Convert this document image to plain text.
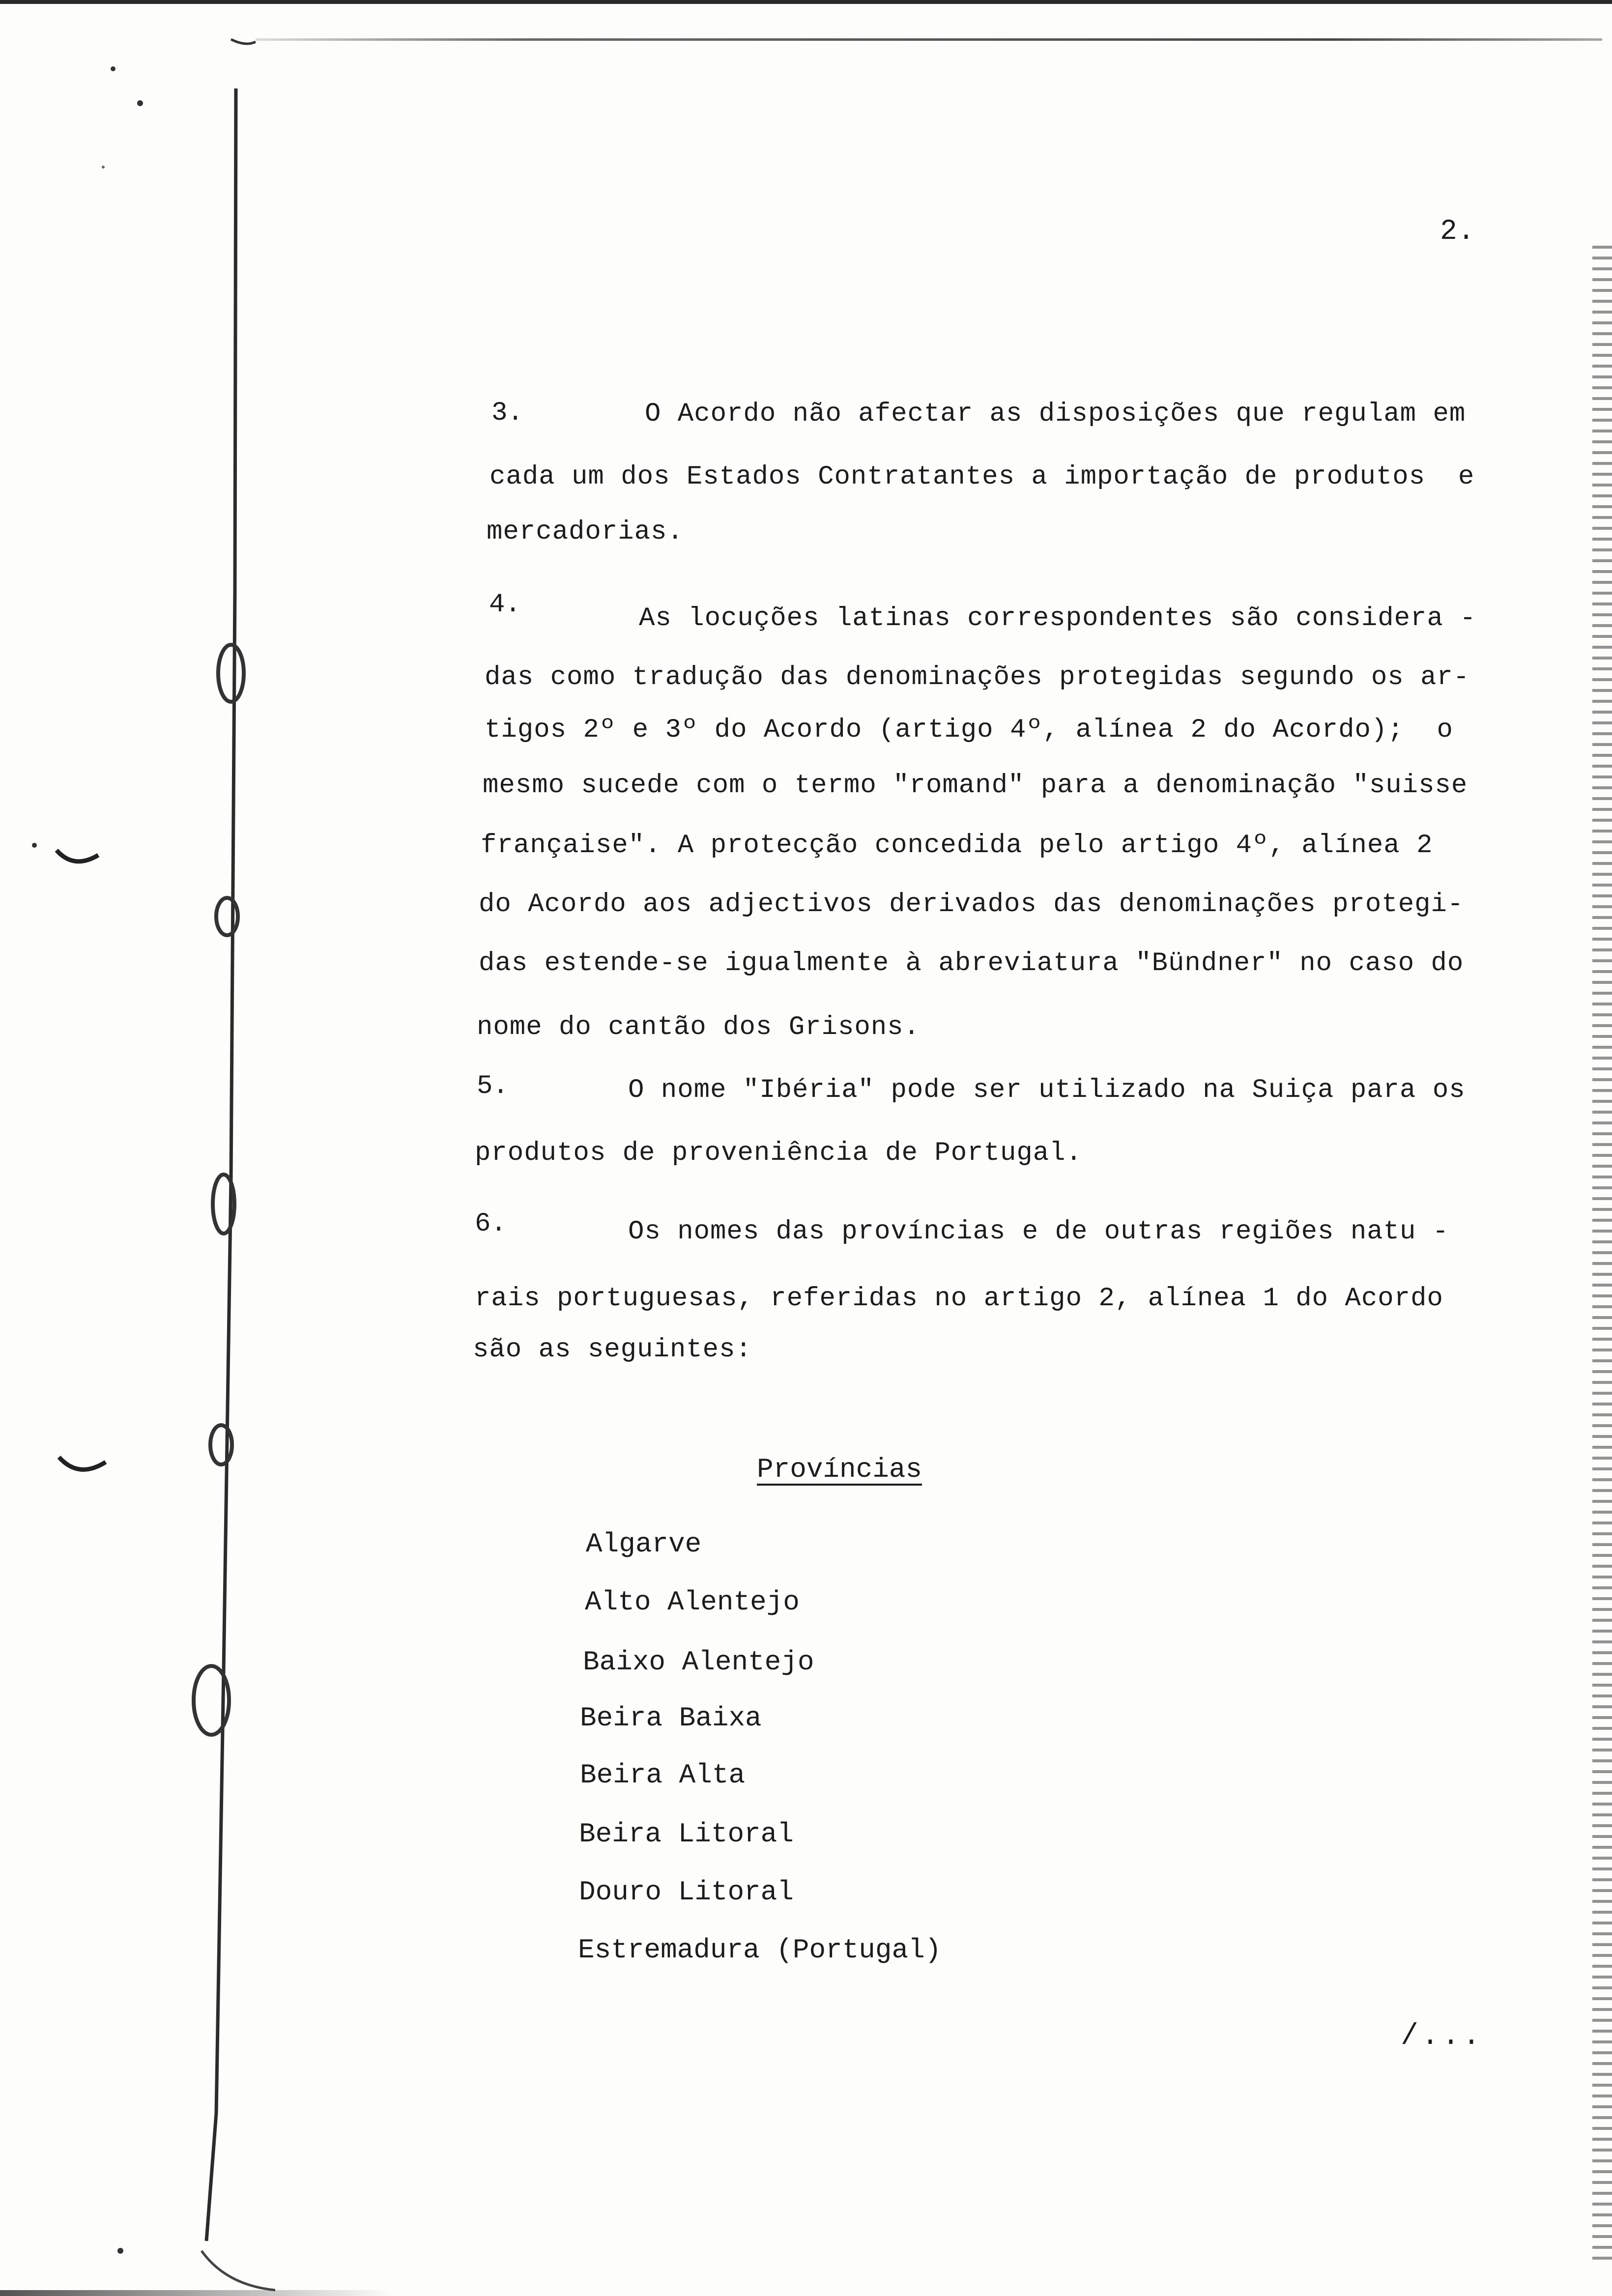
2.
3.	O Acordo não afectar as disposições que regulam em
cada um dos Estados Contratantes a importação de produtos  e
mercadorias.
4.	As locuções latinas correspondentes são considera -
das como tradução das denominações protegidas segundo os ar-
tigos 2º e 3º do Acordo (artigo 4º, alínea 2 do Acordo);  o
mesmo sucede com o termo "romand" para a denominação "suisse
française". A protecção concedida pelo artigo 4º, alínea 2
do Acordo aos adjectivos derivados das denominações protegi-
das estende-se igualmente à abreviatura "Bündner" no caso do
nome do cantão dos Grisons.
5.	O nome "Ibéria" pode ser utilizado na Suiça para os
produtos de proveniência de Portugal.
6.	Os nomes das províncias e de outras regiões natu -
rais portuguesas, referidas no artigo 2, alínea 1 do Acordo
são as seguintes:
Províncias
Algarve
Alto Alentejo
Baixo Alentejo
Beira Baixa
Beira Alta
Beira Litoral
Douro Litoral
Estremadura (Portugal)
/...
